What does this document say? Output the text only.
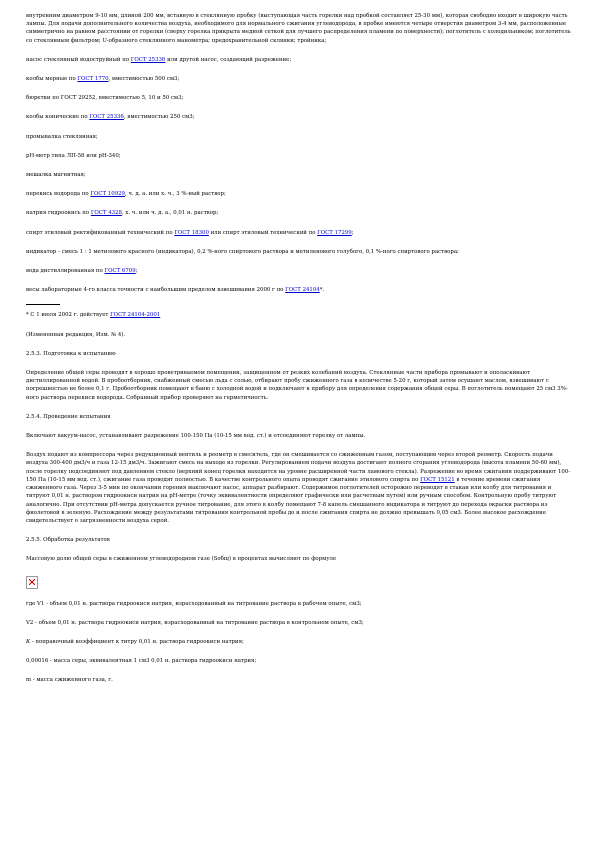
внутренним диаметром 9-10 мм, длиной 200 мм, вставную в стеклянную пробку (выступающая часть горелки над пробкой составляет 25-30 мм), которая свободно входит в широкую часть лампы. Для подачи дополнительного количества воздуха, необходимого для нормального сжигания углеводорода, в пробке имеются четыре отверстия диаметром 3-4 мм, расположенные симметрично на равном расстоянии от горелки (сверху горелка прикрыта медной сеткой для лучшего распределения пламени по поверхности); поглотитель с холодильником; поглотитель со стеклянным фильтром; U-образного стеклянного манометра; предохранительной склянки; тройника;

насос стеклянный водоструйный по ГОСТ 25336 или другой насос, создающий разрежение;

колбы мерные по ГОСТ 1770, вместимостью 500 см3;

бюретки по ГОСТ 29252, вместимостью 5, 10 и 50 см3;

колбы конические по ГОСТ 25336, вместимостью 250 см3;

промывалка стеклянная;

pH-метр типа ЛП-58 или pH-340;

мешалка магнитная;

перекись водорода по ГОСТ 10929, ч. д. а. или х. ч., 3 %-ный раствор;

натрия гидроокись по ГОСТ 4328, х. ч. или ч. д. а., 0,01 н. раствор;

спирт этиловый ректификованный технический по ГОСТ 18300 или спирт этиловый технический по ГОСТ 17299;

индикатор - смесь 1 : 1 метилового красного (индикатора), 0,2 %-ного спиртового раствора и метиленового голубого, 0,1 %-ного спиртового раствора;

вода дистиллированная по ГОСТ 6709;

весы лабораторные 4-го класса точности с наибольшим пределом взвешивания 2000 г по ГОСТ 24104*.

* С 1 июля 2002 г. действует ГОСТ 24104-2001

(Измененная редакция, Изм. № 4).

2.5.3. Подготовка к испытанию

Определение общей серы проводят в хорошо проветриваемом помещении, защищенном от резких колебаний воздуха. Стеклянные части прибора промывают и ополаскивают дистиллированной водой. В пробоотборник, снабженный смесью льда с солью, отбирают пробу сжиженного газа в количестве 5-20 г, который затем осушают маслом, взвешивают с погрешностью не более 0,1 г. Пробоотборник помещают в баню с холодной водой и подключают к прибору для определения содержания общей серы. В поглотитель помещают 25 см3 3%-ного раствора перекиси водорода. Собранный прибор проверяют на герметичность.

2.5.4. Проведение испытания

Включают вакуум-насос, устанавливают разрежение 100-150 Па (10-15 мм вод. ст.) и отсоединяют горелку от лампы.

Воздух подают из компрессора через редукционный вентиль и реометр в смеситель, где он смешивается со сжиженным газом, поступающим через второй реометр. Скорость подачи воздуха 300-400 дм3/ч и газа 12-15 дм3/ч. Зажигают смесь на выходе из горелки. Регулированием подачи воздуха достигают полного сгорания углеводорода (высота пламени 50-60 мм), после горелку подсоединяют под давлением стекло (верхний конец горелки находится на уровне расширенной части ламового стекла). Разрежение во время сжигания поддерживают 100-150 Па (10-15 мм вод. ст.), сжигание газа проводят полностью. В качестве контрольного опыта проводят сжигание этилового спирта по ГОСТ 15121 в течение времени сжигания сжиженного газа. Через 3-5 мин по окончании горения выключают насос, аппарат разбирают. Содержимое поглотителей осторожно переводят в стакан или колбу для титрования и титруют 0,01 н. раствором гидроокиси натрия на pH-метре (точку эквивалентности определяют графически или расчетным путем) или ручным способом. Контрольную пробу титруют аналогично. При отсутствии pH-метра допускается ручное титрование, для этого в колбу помещают 7-8 капель смешанного индикатора и титруют до перехода окраски раствора из фиолетовой в зеленую. Расхождение между результатами титрования контрольной пробы до и после сжигания спирта не должно превышать 0,05 см3. Более высокое расхождение свидетельствует о загрязненности воздуха серой.

2.5.5. Обработка результатов

Массовую долю общей серы в сжиженном углеводородном газе (Sобщ) в процентах вычисляют по формуле

где V1 - объем 0,01 н. раствора гидроокиси натрия, израсходованный на титрование раствора в рабочем опыте, см3;

V2 - объем 0,01 н. раствора гидроокиси натрия, израсходованный на титрование раствора в контрольном опыте, см3;

К - поправочный коэффициент к титру 0,01 н. раствора гидроокиси натрия;

0,00016 - масса серы, эквивалентная 1 см3 0,01 н. раствора гидроокиси натрия;

m - масса сжиженного газа, г.
